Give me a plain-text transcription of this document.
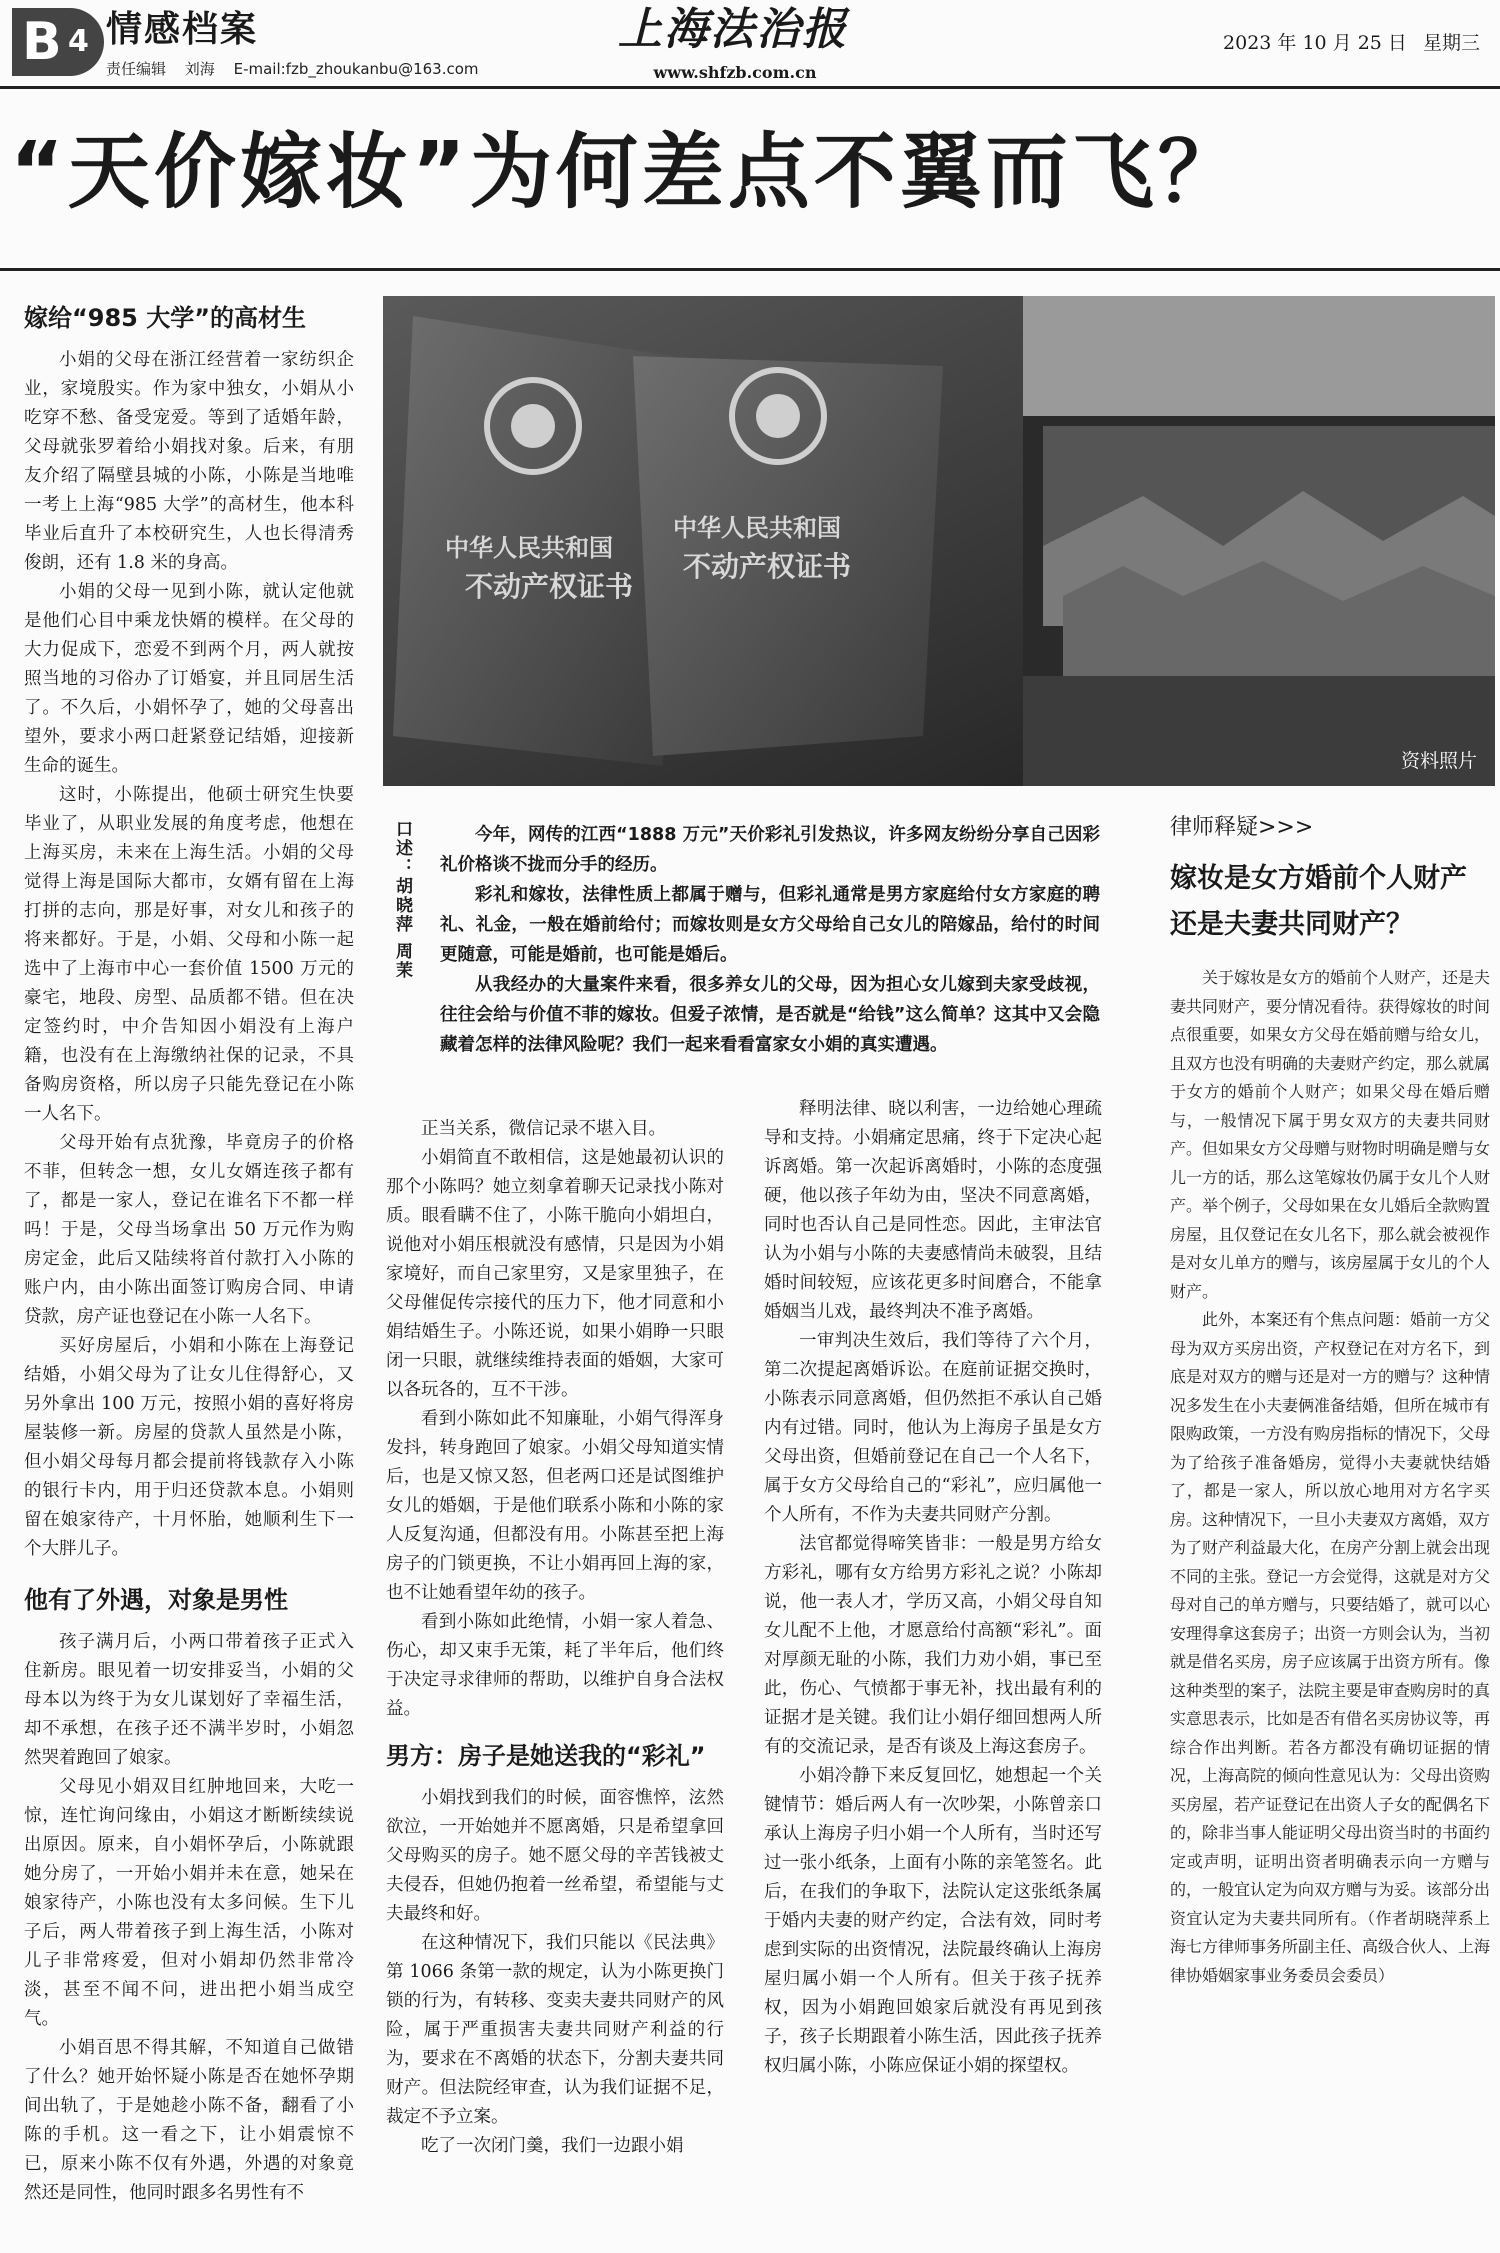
B 4 情感档案
责任编辑 刘海 E-mail:fzb_zhoukanbu@163.com
上海法治报
www.shfzb.com.cn
2023 年 10 月 25 日 星期三
“天价嫁妆”为何差点不翼而飞？
嫁给“985 大学”的高材生

小娟的父母在浙江经营着一家纺织企业，家境殷实。作为家中独女，小娟从小吃穿不愁、备受宠爱。等到了适婚年龄，父母就张罗着给小娟找对象。后来，有朋友介绍了隔壁县城的小陈，小陈是当地唯一考上上海“985 大学”的高材生，他本科毕业后直升了本校研究生，人也长得清秀俊朗，还有 1.8 米的身高。

小娟的父母一见到小陈，就认定他就是他们心目中乘龙快婿的模样。在父母的大力促成下，恋爱不到两个月，两人就按照当地的习俗办了订婚宴，并且同居生活了。不久后，小娟怀孕了，她的父母喜出望外，要求小两口赶紧登记结婚，迎接新生命的诞生。

这时，小陈提出，他硕士研究生快要毕业了，从职业发展的角度考虑，他想在上海买房，未来在上海生活。小娟的父母觉得上海是国际大都市，女婿有留在上海打拼的志向，那是好事，对女儿和孩子的将来都好。于是，小娟、父母和小陈一起选中了上海市中心一套价值 1500 万元的豪宅，地段、房型、品质都不错。但在决定签约时，中介告知因小娟没有上海户籍，也没有在上海缴纳社保的记录，不具备购房资格，所以房子只能先登记在小陈一人名下。

父母开始有点犹豫，毕竟房子的价格不菲，但转念一想，女儿女婿连孩子都有了，都是一家人，登记在谁名下不都一样吗！于是，父母当场拿出 50 万元作为购房定金，此后又陆续将首付款打入小陈的账户内，由小陈出面签订购房合同、申请贷款，房产证也登记在小陈一人名下。

买好房屋后，小娟和小陈在上海登记结婚，小娟父母为了让女儿住得舒心，又另外拿出 100 万元，按照小娟的喜好将房屋装修一新。房屋的贷款人虽然是小陈，但小娟父母每月都会提前将钱款存入小陈的银行卡内，用于归还贷款本息。小娟则留在娘家待产，十月怀胎，她顺利生下一个大胖儿子。

他有了外遇，对象是男性

孩子满月后，小两口带着孩子正式入住新房。眼见着一切安排妥当，小娟的父母本以为终于为女儿谋划好了幸福生活，却不承想，在孩子还不满半岁时，小娟忽然哭着跑回了娘家。

父母见小娟双目红肿地回来，大吃一惊，连忙询问缘由，小娟这才断断续续说出原因。原来，自小娟怀孕后，小陈就跟她分房了，一开始小娟并未在意，她呆在娘家待产，小陈也没有太多问候。生下儿子后，两人带着孩子到上海生活，小陈对儿子非常疼爱，但对小娟却仍然非常冷淡，甚至不闻不问，进出把小娟当成空气。

小娟百思不得其解，不知道自己做错了什么？她开始怀疑小陈是否在她怀孕期间出轨了，于是她趁小陈不备，翻看了小陈的手机。这一看之下，让小娟震惊不已，原来小陈不仅有外遇，外遇的对象竟然还是同性，他同时跟多名男性有不

中华人民共和国
不动产权证书
中华人民共和国
不动产权证书
资料照片
口述：胡晓萍 周茉	今年，网传的江西“1888 万元”天价彩礼引发热议，许多网友纷纷分享自己因彩礼价格谈不拢而分手的经历。

彩礼和嫁妆，法律性质上都属于赠与，但彩礼通常是男方家庭给付女方家庭的聘礼、礼金，一般在婚前给付；而嫁妆则是女方父母给自己女儿的陪嫁品，给付的时间更随意，可能是婚前，也可能是婚后。

从我经办的大量案件来看，很多养女儿的父母，因为担心女儿嫁到夫家受歧视，往往会给与价值不菲的嫁妆。但爱子浓情，是否就是“给钱”这么简单？这其中又会隐藏着怎样的法律风险呢？我们一起来看看富家女小娟的真实遭遇。

正当关系，微信记录不堪入目。

小娟简直不敢相信，这是她最初认识的那个小陈吗？她立刻拿着聊天记录找小陈对质。眼看瞒不住了，小陈干脆向小娟坦白，说他对小娟压根就没有感情，只是因为小娟家境好，而自己家里穷，又是家里独子，在父母催促传宗接代的压力下，他才同意和小娟结婚生子。小陈还说，如果小娟睁一只眼闭一只眼，就继续维持表面的婚姻，大家可以各玩各的，互不干涉。

看到小陈如此不知廉耻，小娟气得浑身发抖，转身跑回了娘家。小娟父母知道实情后，也是又惊又怒，但老两口还是试图维护女儿的婚姻，于是他们联系小陈和小陈的家人反复沟通，但都没有用。小陈甚至把上海房子的门锁更换，不让小娟再回上海的家，也不让她看望年幼的孩子。

看到小陈如此绝情，小娟一家人着急、伤心，却又束手无策，耗了半年后，他们终于决定寻求律师的帮助，以维护自身合法权益。

男方：房子是她送我的“彩礼”

小娟找到我们的时候，面容憔悴，泫然欲泣，一开始她并不愿离婚，只是希望拿回父母购买的房子。她不愿父母的辛苦钱被丈夫侵吞，但她仍抱着一丝希望，希望能与丈夫最终和好。

在这种情况下，我们只能以《民法典》第 1066 条第一款的规定，认为小陈更换门锁的行为，有转移、变卖夫妻共同财产的风险，属于严重损害夫妻共同财产利益的行为，要求在不离婚的状态下，分割夫妻共同财产。但法院经审查，认为我们证据不足，裁定不予立案。

吃了一次闭门羹，我们一边跟小娟

释明法律、晓以利害，一边给她心理疏导和支持。小娟痛定思痛，终于下定决心起诉离婚。第一次起诉离婚时，小陈的态度强硬，他以孩子年幼为由，坚决不同意离婚，同时也否认自己是同性恋。因此，主审法官认为小娟与小陈的夫妻感情尚未破裂，且结婚时间较短，应该花更多时间磨合，不能拿婚姻当儿戏，最终判决不准予离婚。

一审判决生效后，我们等待了六个月，第二次提起离婚诉讼。在庭前证据交换时，小陈表示同意离婚，但仍然拒不承认自己婚内有过错。同时，他认为上海房子虽是女方父母出资，但婚前登记在自己一个人名下，属于女方父母给自己的“彩礼”，应归属他一个人所有，不作为夫妻共同财产分割。

法官都觉得啼笑皆非：一般是男方给女方彩礼，哪有女方给男方彩礼之说？小陈却说，他一表人才，学历又高，小娟父母自知女儿配不上他，才愿意给付高额“彩礼”。面对厚颜无耻的小陈，我们力劝小娟，事已至此，伤心、气愤都于事无补，找出最有利的证据才是关键。我们让小娟仔细回想两人所有的交流记录，是否有谈及上海这套房子。

小娟冷静下来反复回忆，她想起一个关键情节：婚后两人有一次吵架，小陈曾亲口承认上海房子归小娟一个人所有，当时还写过一张小纸条，上面有小陈的亲笔签名。此后，在我们的争取下，法院认定这张纸条属于婚内夫妻的财产约定，合法有效，同时考虑到实际的出资情况，法院最终确认上海房屋归属小娟一个人所有。但关于孩子抚养权，因为小娟跑回娘家后就没有再见到孩子，孩子长期跟着小陈生活，因此孩子抚养权归属小陈，小陈应保证小娟的探望权。

律师释疑>>>
嫁妆是女方婚前个人财产
还是夫妻共同财产？

关于嫁妆是女方的婚前个人财产，还是夫妻共同财产，要分情况看待。获得嫁妆的时间点很重要，如果女方父母在婚前赠与给女儿，且双方也没有明确的夫妻财产约定，那么就属于女方的婚前个人财产；如果父母在婚后赠与，一般情况下属于男女双方的夫妻共同财产。但如果女方父母赠与财物时明确是赠与女儿一方的话，那么这笔嫁妆仍属于女儿个人财产。举个例子，父母如果在女儿婚后全款购置房屋，且仅登记在女儿名下，那么就会被视作是对女儿单方的赠与，该房屋属于女儿的个人财产。

此外，本案还有个焦点问题：婚前一方父母为双方买房出资，产权登记在对方名下，到底是对双方的赠与还是对一方的赠与？这种情况多发生在小夫妻俩准备结婚，但所在城市有限购政策，一方没有购房指标的情况下，父母为了给孩子准备婚房，觉得小夫妻就快结婚了，都是一家人，所以放心地用对方名字买房。这种情况下，一旦小夫妻双方离婚，双方为了财产利益最大化，在房产分割上就会出现不同的主张。登记一方会觉得，这就是对方父母对自己的单方赠与，只要结婚了，就可以心安理得拿这套房子；出资一方则会认为，当初就是借名买房，房子应该属于出资方所有。像这种类型的案子，法院主要是审查购房时的真实意思表示，比如是否有借名买房协议等，再综合作出判断。若各方都没有确切证据的情况，上海高院的倾向性意见认为：父母出资购买房屋，若产证登记在出资人子女的配偶名下的，除非当事人能证明父母出资当时的书面约定或声明，证明出资者明确表示向一方赠与的，一般宜认定为向双方赠与为妥。该部分出资宜认定为夫妻共同所有。（作者胡晓萍系上海七方律师事务所副主任、高级合伙人、上海律协婚姻家事业务委员会委员）
